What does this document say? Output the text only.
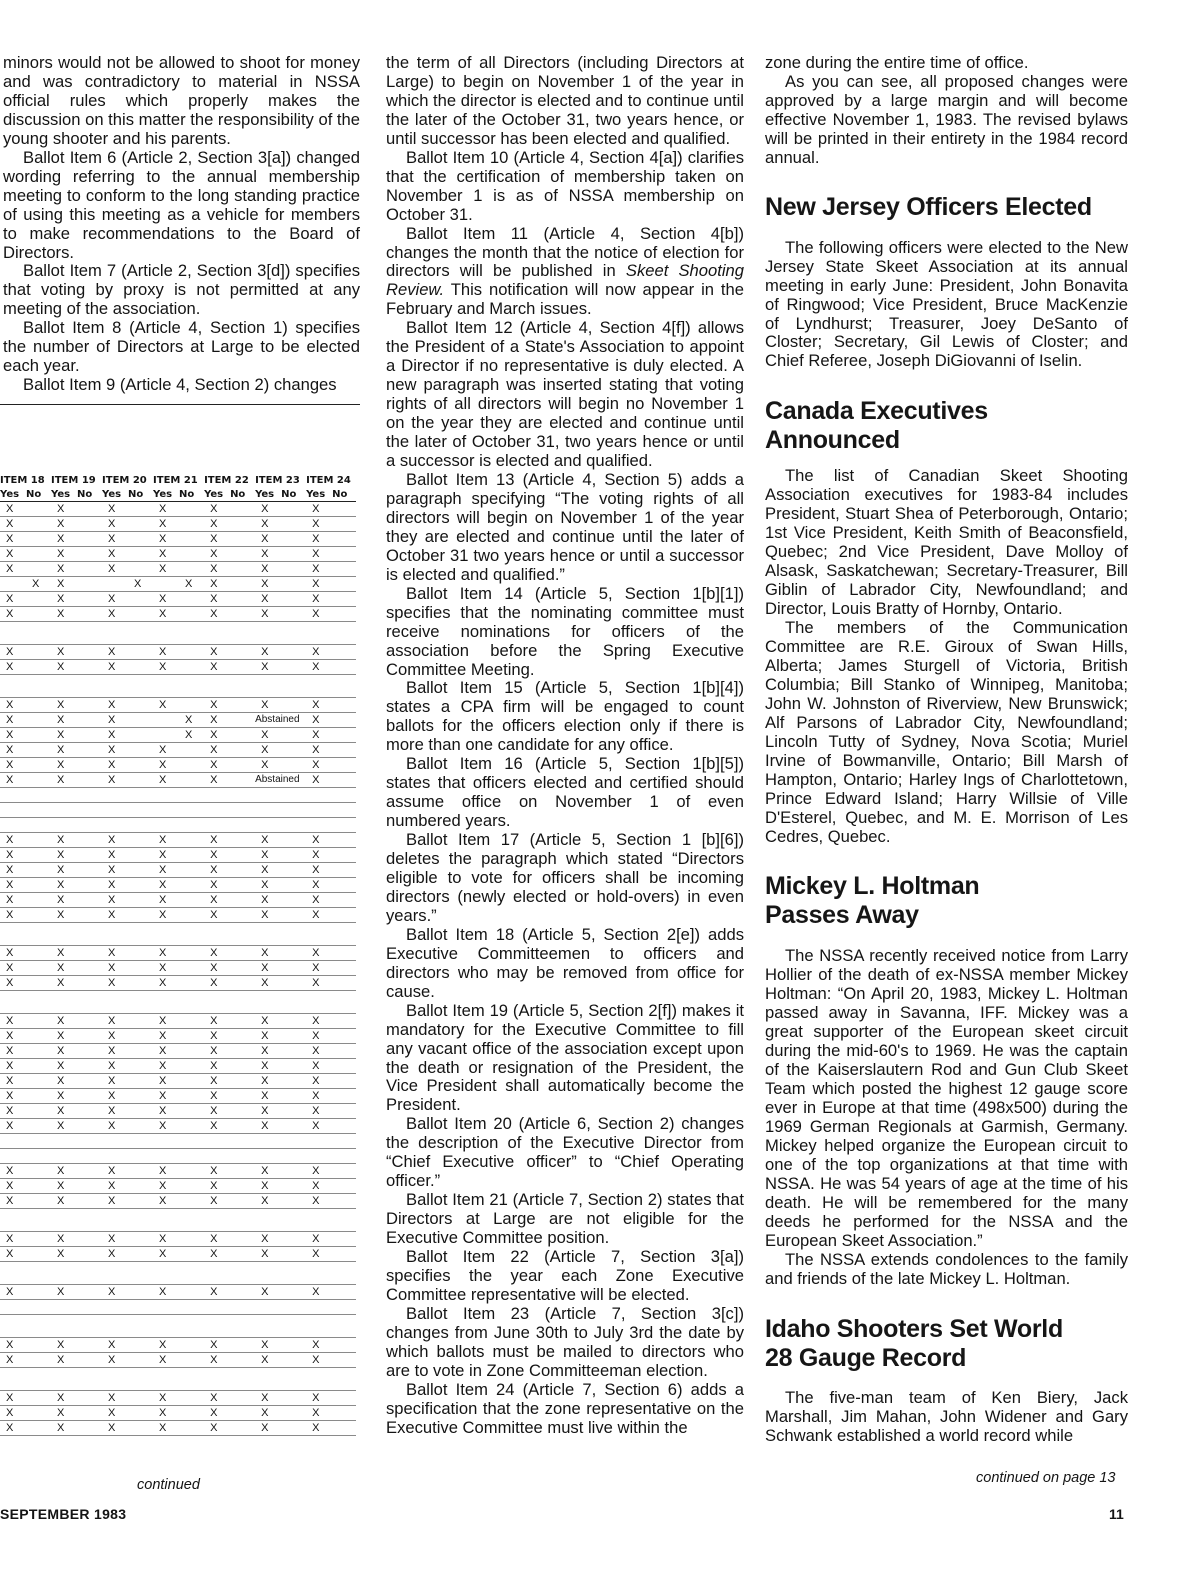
minors would not be allowed to shoot for money and was contradictory to material in NSSA official rules which properly makes the discussion on this matter the responsibility of the young shooter and his parents.

Ballot Item 6 (Article 2, Section 3[a]) changed wording referring to the annual membership meeting to conform to the long standing practice of using this meeting as a vehicle for members to make recommendations to the Board of Directors.

Ballot Item 7 (Article 2, Section 3[d]) specifies that voting by proxy is not permitted at any meeting of the association.

Ballot Item 8 (Article 4, Section 1) specifies the number of Directors at Large to be elected each year.

Ballot Item 9 (Article 4, Section 2) changes

ITEM 18		ITEM 19		ITEM 20		ITEM 21		ITEM 22		ITEM 23		ITEM 24	
Yes	No	Yes	No	Yes	No	Yes	No	Yes	No	Yes	No	Yes	No
X		X		X		X		X		X		X	
X		X		X		X		X		X		X	
X		X		X		X		X		X		X	
X		X		X		X		X		X		X	
X		X		X		X		X		X		X	
	X	X			X		X	X		X		X	
X		X		X		X		X		X		X	
X		X		X		X		X		X		X	

X		X		X		X		X		X		X	
X		X		X		X		X		X		X	

X		X		X		X		X		X		X	
X		X		X			X	X		Abstained		X	
X		X		X			X	X		X		X	
X		X		X		X		X		X		X	
X		X		X		X		X		X		X	
X		X		X		X		X		Abstained		X	

X		X		X		X		X		X		X	
X		X		X		X		X		X		X	
X		X		X		X		X		X		X	
X		X		X		X		X		X		X	
X		X		X		X		X		X		X	
X		X		X		X		X		X		X	

X		X		X		X		X		X		X	
X		X		X		X		X		X		X	
X		X		X		X		X		X		X	

X		X		X		X		X		X		X	
X		X		X		X		X		X		X	
X		X		X		X		X		X		X	
X		X		X		X		X		X		X	
X		X		X		X		X		X		X	
X		X		X		X		X		X		X	
X		X		X		X		X		X		X	
X		X		X		X		X		X		X	

X		X		X		X		X		X		X	
X		X		X		X		X		X		X	
X		X		X		X		X		X		X	

X		X		X		X		X		X		X	
X		X		X		X		X		X		X	

X		X		X		X		X		X		X	

X		X		X		X		X		X		X	
X		X		X		X		X		X		X	

X		X		X		X		X		X		X	
X		X		X		X		X		X		X	
X		X		X		X		X		X		X	
continued

the term of all Directors (including Directors at Large) to begin on November 1 of the year in which the director is elected and to continue until the later of the October 31, two years hence, or until successor has been elected and qualified.

Ballot Item 10 (Article 4, Section 4[a]) clarifies that the certification of membership taken on November 1 is as of NSSA membership on October 31.

Ballot Item 11 (Article 4, Section 4[b]) changes the month that the notice of election for directors will be published in Skeet Shooting Review. This notification will now appear in the February and March issues.

Ballot Item 12 (Article 4, Section 4[f]) allows the President of a State's Association to appoint a Director if no representative is duly elected. A new paragraph was inserted stating that voting rights of all directors will begin no November 1 on the year they are elected and continue until the later of October 31, two years hence or until a successor is elected and qualified.

Ballot Item 13 (Article 4, Section 5) adds a paragraph specifying “The voting rights of all directors will begin on November 1 of the year they are elected and continue until the later of October 31 two years hence or until a successor is elected and qualified.”

Ballot Item 14 (Article 5, Section 1[b][1]) specifies that the nominating committee must receive nominations for officers of the association before the Spring Executive Committee Meeting.

Ballot Item 15 (Article 5, Section 1[b][4]) states a CPA firm will be engaged to count ballots for the officers election only if there is more than one candidate for any office.

Ballot Item 16 (Article 5, Section 1[b][5]) states that officers elected and certified should assume office on November 1 of even numbered years.

Ballot Item 17 (Article 5, Section 1 [b][6]) deletes the paragraph which stated “Directors eligible to vote for officers shall be incoming directors (newly elected or hold-overs) in even years.”

Ballot Item 18 (Article 5, Section 2[e]) adds Executive Committeemen to officers and directors who may be removed from office for cause.

Ballot Item 19 (Article 5, Section 2[f]) makes it mandatory for the Executive Committee to fill any vacant office of the association except upon the death or resignation of the President, the Vice President shall automatically become the President.

Ballot Item 20 (Article 6, Section 2) changes the description of the Executive Director from “Chief Executive officer” to “Chief Operating officer.”

Ballot Item 21 (Article 7, Section 2) states that Directors at Large are not eligible for the Executive Committee position.

Ballot Item 22 (Article 7, Section 3[a]) specifies the year each Zone Executive Committee representative will be elected.

Ballot Item 23 (Article 7, Section 3[c]) changes from June 30th to July 3rd the date by which ballots must be mailed to directors who are to vote in Zone Committeeman election.

Ballot Item 24 (Article 7, Section 6) adds a specification that the zone representative on the Executive Committee must live within the

zone during the entire time of office.

As you can see, all proposed changes were approved by a large margin and will become effective November 1, 1983. The revised bylaws will be printed in their entirety in the 1984 record annual.

New Jersey Officers Elected

The following officers were elected to the New Jersey State Skeet Association at its annual meeting in early June: President, John Bonavita of Ringwood; Vice President, Bruce MacKenzie of Lyndhurst; Treasurer, Joey DeSanto of Closter; Secretary, Gil Lewis of Closter; and Chief Referee, Joseph DiGiovanni of Iselin.

Canada Executives
Announced

The list of Canadian Skeet Shooting Association executives for 1983-84 includes President, Stuart Shea of Peterborough, Ontario; 1st Vice President, Keith Smith of Beaconsfield, Quebec; 2nd Vice President, Dave Molloy of Alsask, Saskatchewan; Secretary-Treasurer, Bill Giblin of Labrador City, Newfoundland; and Director, Louis Bratty of Hornby, Ontario.

The members of the Communication Committee are R.E. Giroux of Swan Hills, Alberta; James Sturgell of Victoria, British Columbia; Bill Stanko of Winnipeg, Manitoba; John W. Johnston of Riverview, New Brunswick; Alf Parsons of Labrador City, Newfoundland; Lincoln Tutty of Sydney, Nova Scotia; Muriel Irvine of Bowmanville, Ontario; Bill Marsh of Hampton, Ontario; Harley Ings of Charlottetown, Prince Edward Island; Harry Willsie of Ville D'Esterel, Quebec, and M. E. Morrison of Les Cedres, Quebec.

Mickey L. Holtman
Passes Away

The NSSA recently received notice from Larry Hollier of the death of ex-NSSA member Mickey Holtman: “On April 20, 1983, Mickey L. Holtman passed away in Savanna, IFF. Mickey was a great supporter of the European skeet circuit during the mid-60's to 1969. He was the captain of the Kaiserslautern Rod and Gun Club Skeet Team which posted the highest 12 gauge score ever in Europe at that time (498x500) during the 1969 German Regionals at Garmish, Germany. Mickey helped organize the European circuit to one of the top organizations at that time with NSSA. He was 54 years of age at the time of his death. He will be remembered for the many deeds he performed for the NSSA and the European Skeet Association.”

The NSSA extends condolences to the family and friends of the late Mickey L. Holtman.

Idaho Shooters Set World
28 Gauge Record

The five-man team of Ken Biery, Jack Marshall, Jim Mahan, John Widener and Gary Schwank established a world record while

continued on page 13
SEPTEMBER 1983	11
